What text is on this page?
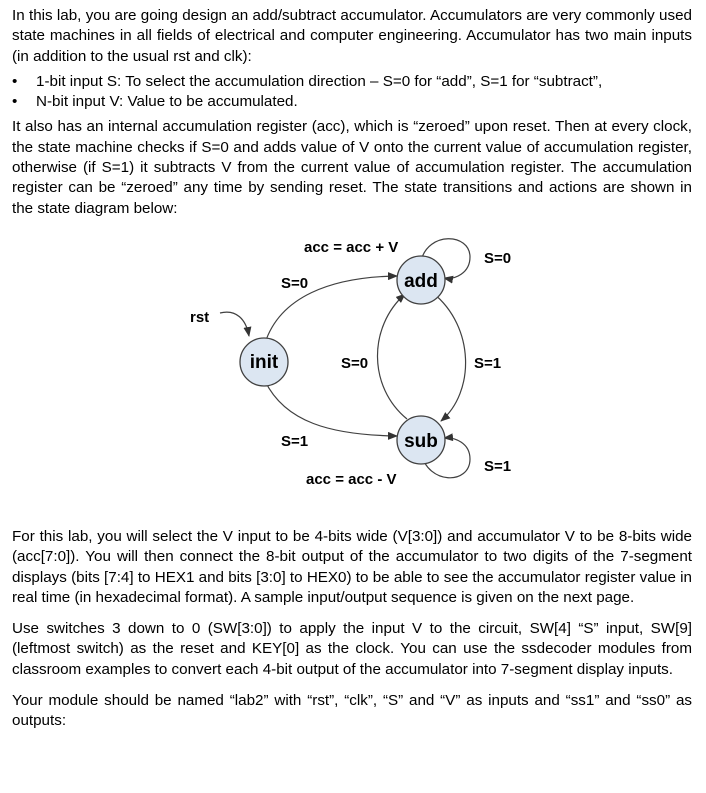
In this lab, you are going design an add/subtract accumulator. Accumulators are very commonly used state machines in all fields of electrical and computer engineering. Accumulator has two main inputs (in addition to the usual rst and clk):

• 1-bit input S: To select the accumulation direction – S=0 for “add”, S=1 for “subtract”,
• N-bit input V: Value to be accumulated.

It also has an internal accumulation register (acc), which is “zeroed” upon reset. Then at every clock, the state machine checks if S=0 and adds value of V onto the current value of accumulation register, otherwise (if S=1) it subtracts V from the current value of accumulation register. The accumulation register can be “zeroed” any time by sending reset. The state transitions and actions are shown in the state diagram below:

init
add
sub
rst
acc = acc + V
S=0
S=0
S=0	S=1
S=1
S=1
acc = acc - V

For this lab, you will select the V input to be 4-bits wide (V[3:0]) and accumulator V to be 8-bits wide (acc[7:0]). You will then connect the 8-bit output of the accumulator to two digits of the 7-segment displays (bits [7:4] to HEX1 and bits [3:0] to HEX0) to be able to see the accumulator register value in real time (in hexadecimal format). A sample input/output sequence is given on the next page.

Use switches 3 down to 0 (SW[3:0]) to apply the input V to the circuit, SW[4] “S” input, SW[9] (leftmost switch) as the reset and KEY[0] as the clock. You can use the ssdecoder modules from classroom examples to convert each 4-bit output of the accumulator into 7-segment display inputs.

Your module should be named “lab2” with “rst”, “clk”, “S” and “V” as inputs and “ss1” and “ss0” as outputs:
